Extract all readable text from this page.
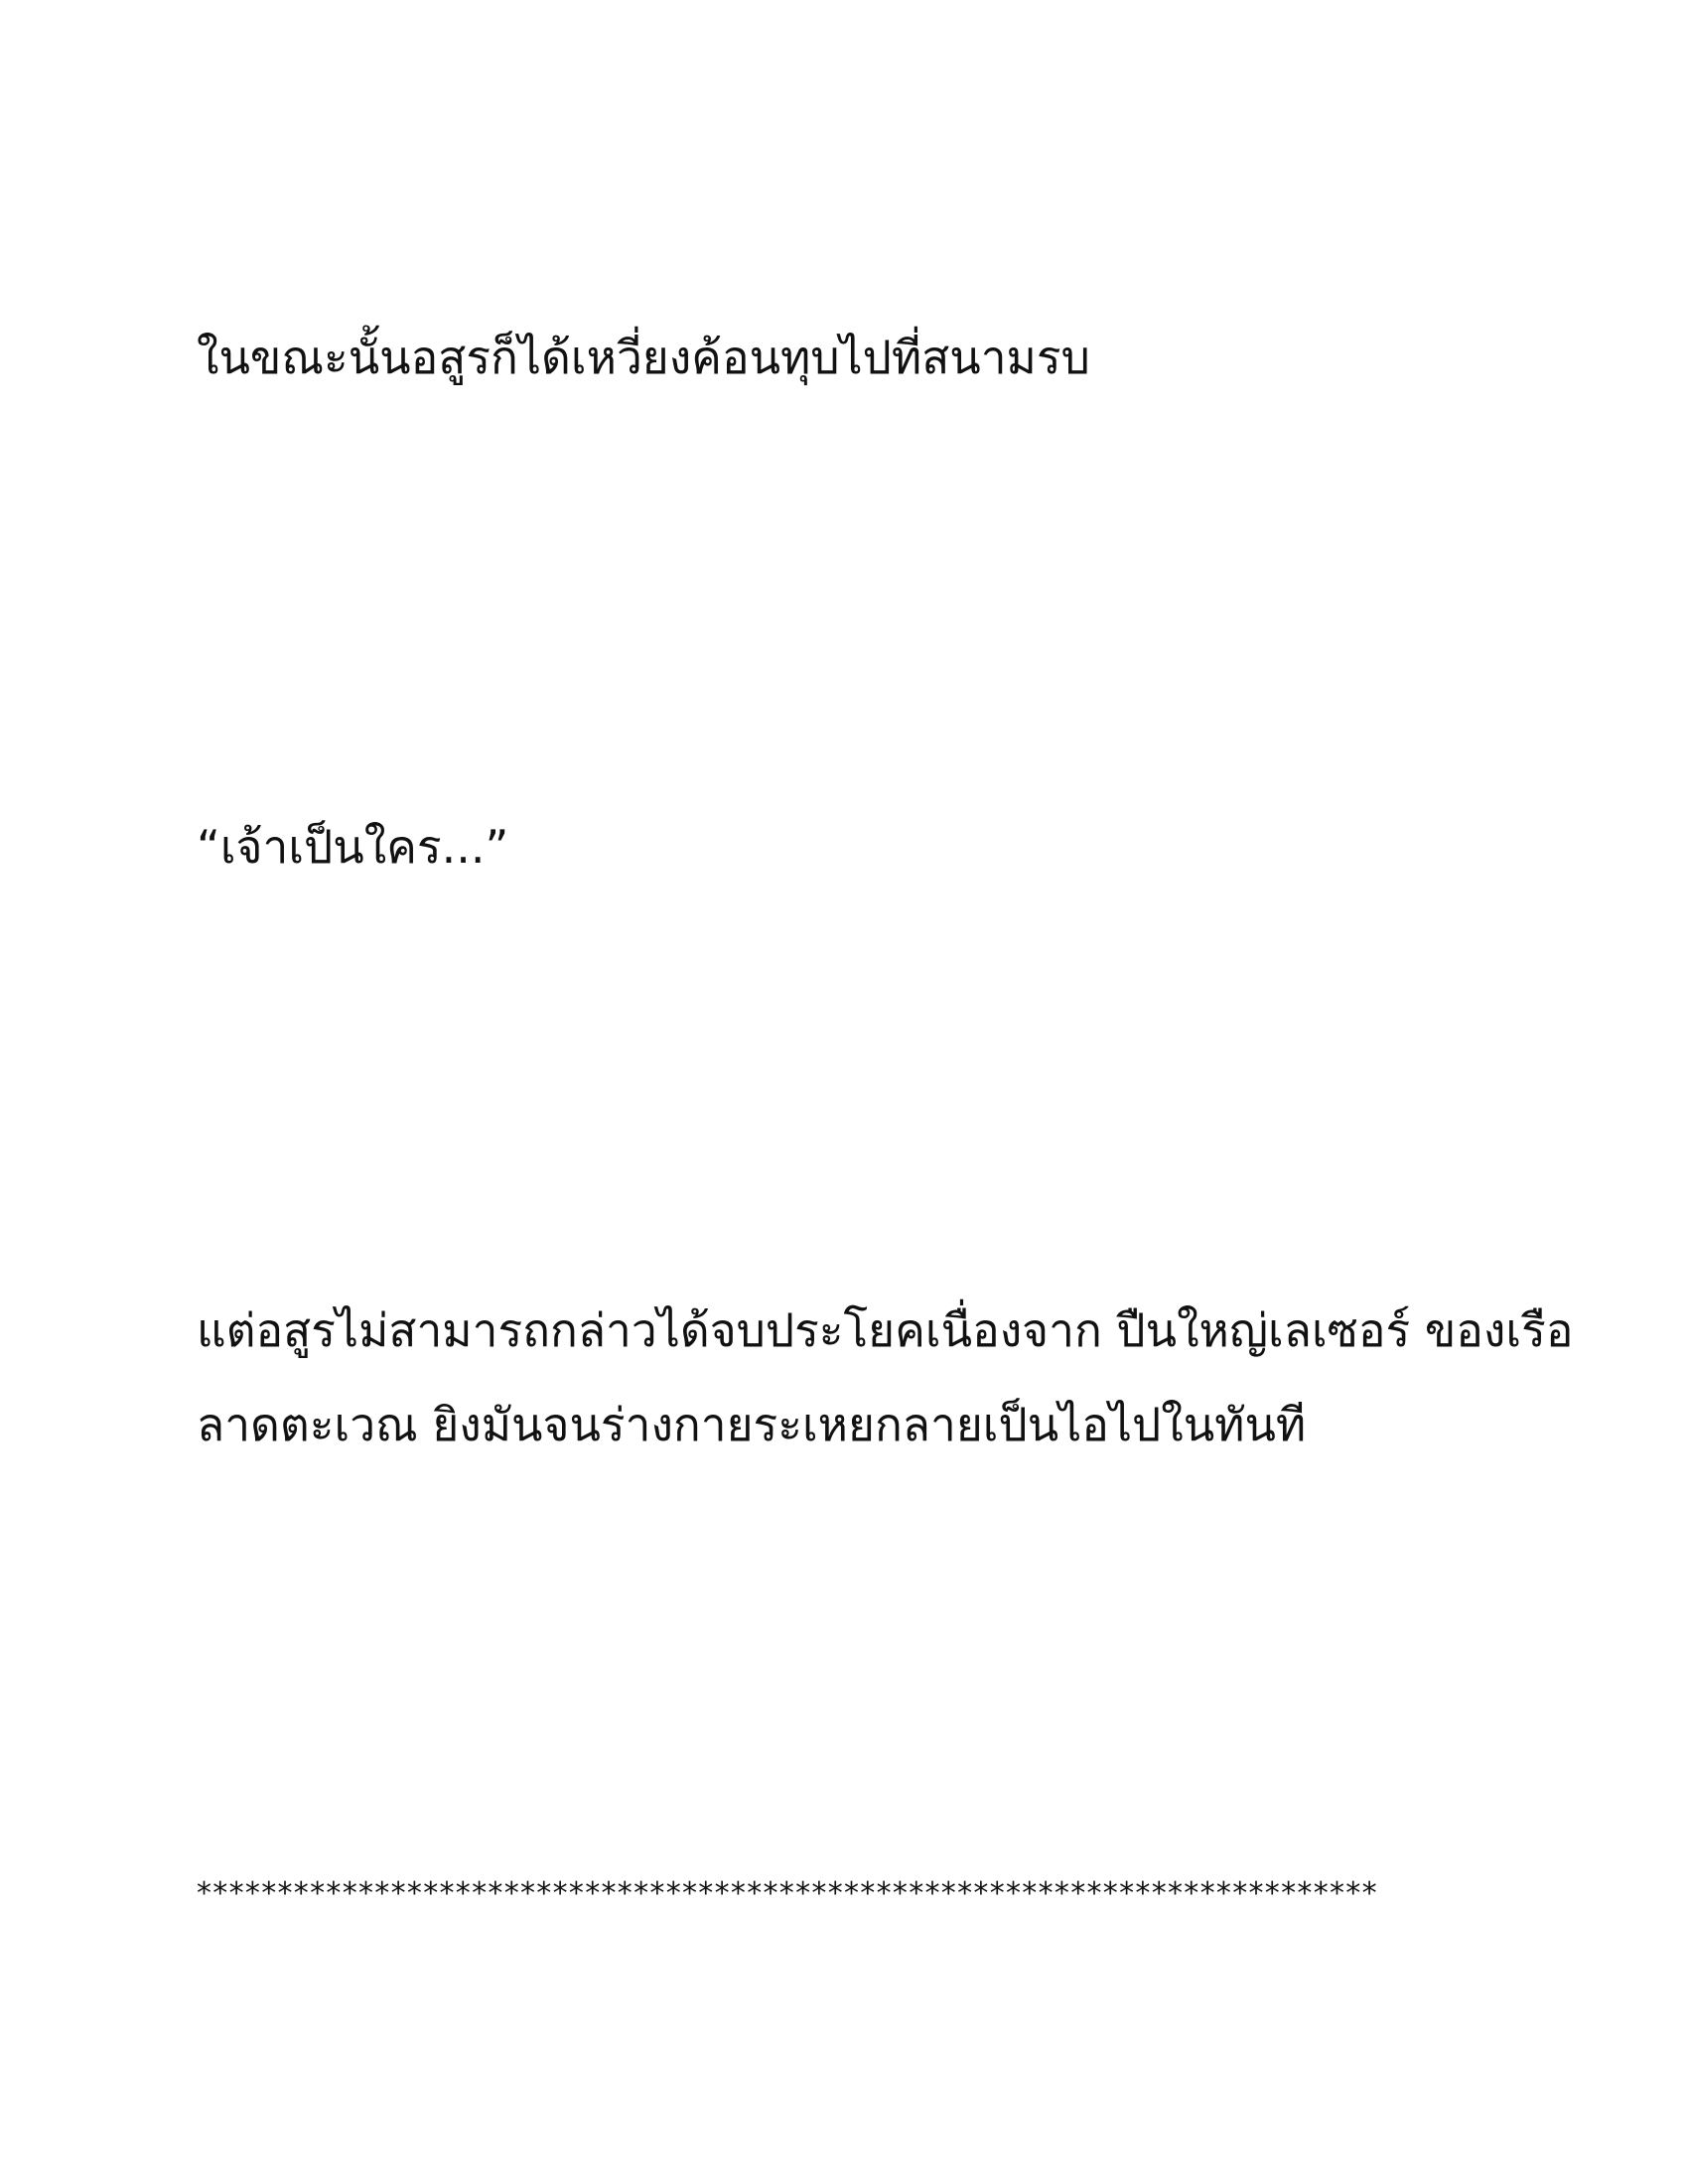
ในขณะนั้นอสูรก็ได้เหวี่ยงค้อนทุบไปที่สนามรบ

“เจ้าเป็นใคร...”

แต่อสูรไม่สามารถกล่าวได้จบประโยคเนื่องจาก ปืนใหญ่เลเซอร์ ของเรือ

ลาดตะเวณ ยิงมันจนร่างกายระเหยกลายเป็นไอไปในทันที

*************************************************************************
